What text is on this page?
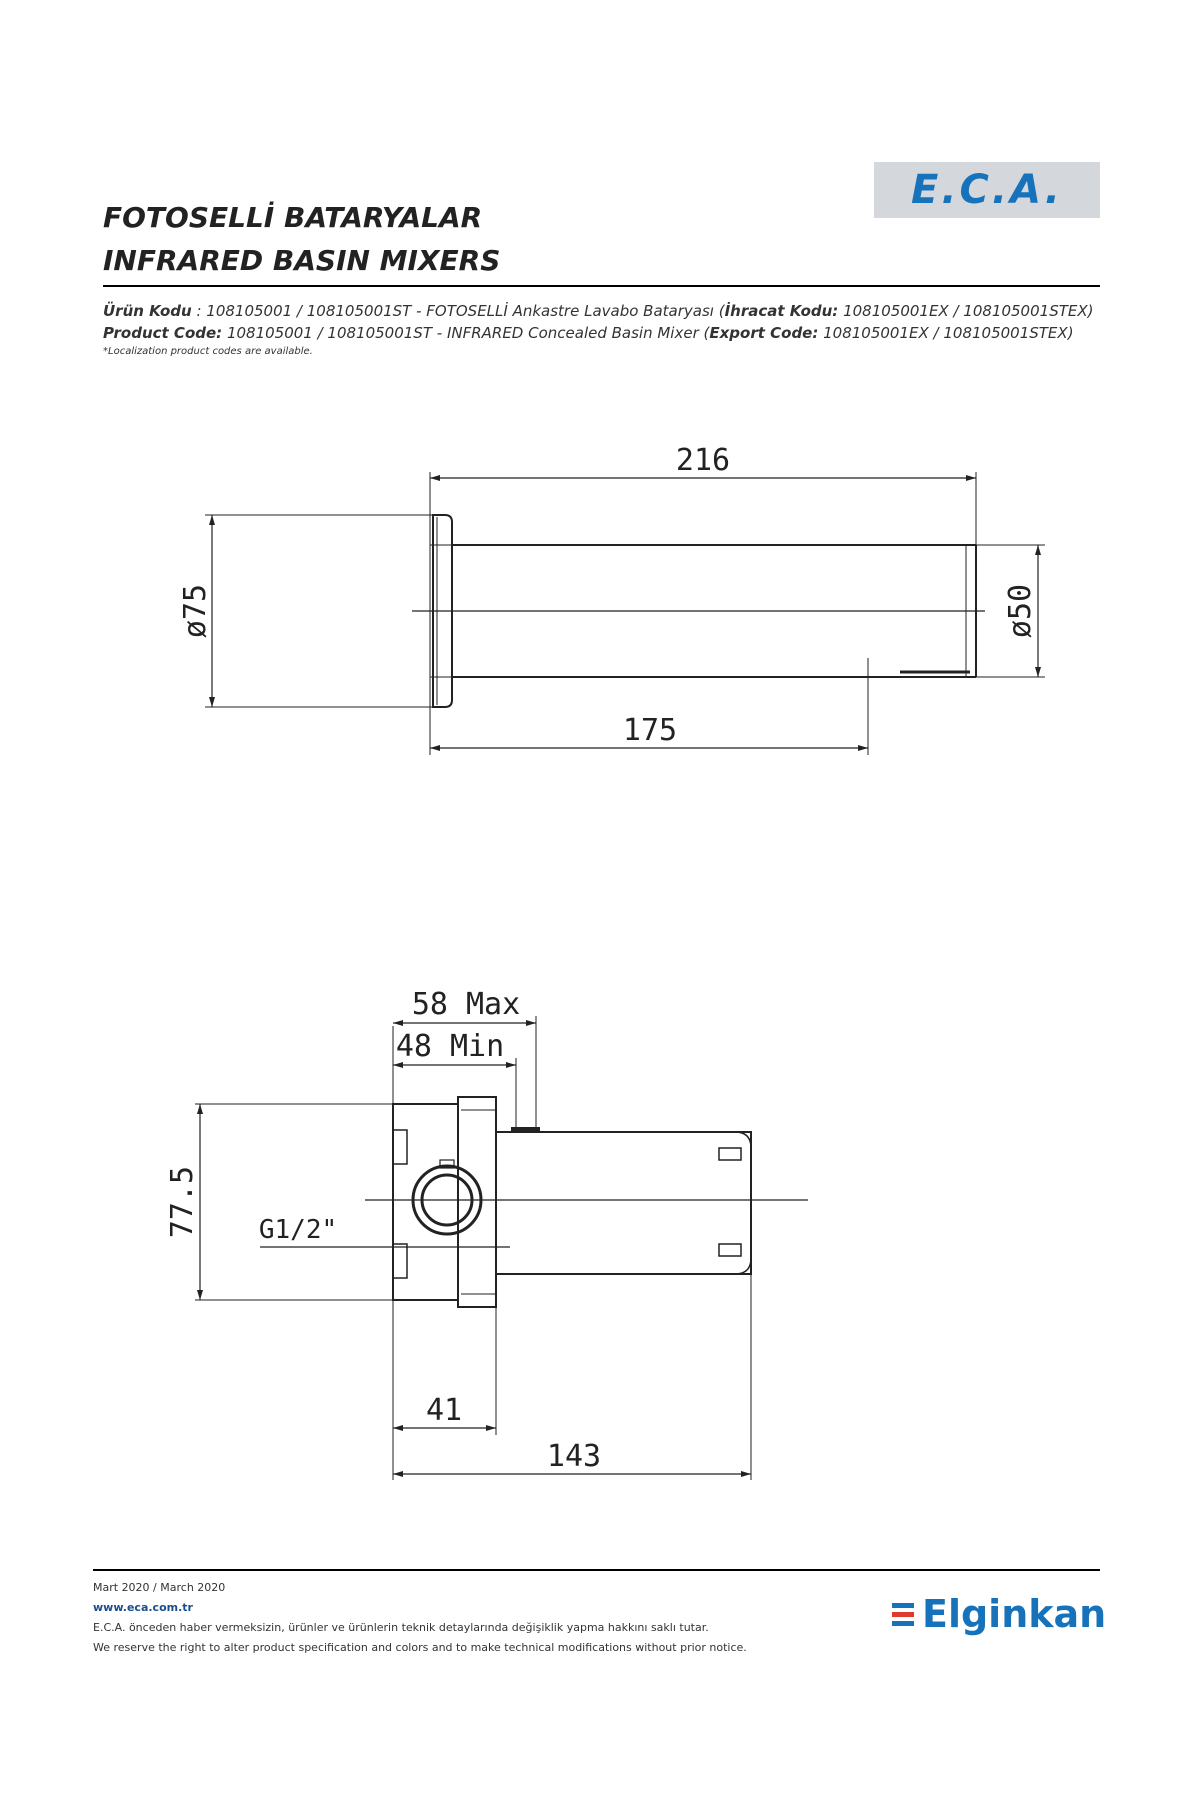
E.C.A.
FOTOSELLİ BATARYALAR
INFRARED BASIN MIXERS
Ürün Kodu : 108105001 / 108105001ST - FOTOSELLİ Ankastre Lavabo Bataryası (İhracat Kodu: 108105001EX / 108105001STEX)
Product Code: 108105001 / 108105001ST - INFRARED Concealed Basin Mixer (Export Code: 108105001EX / 108105001STEX)
*Localization product codes are available.
216
175
ø75	ø50
58 Max
48 Min
77.5 G1/2"
41
143
Mart 2020 / March 2020
www.eca.com.tr
E.C.A. önceden haber vermeksizin, ürünler ve ürünlerin teknik detaylarında değişiklik yapma hakkını saklı tutar.
We reserve the right to alter product specification and colors and to make technical modifications without prior notice.
Elginkan
